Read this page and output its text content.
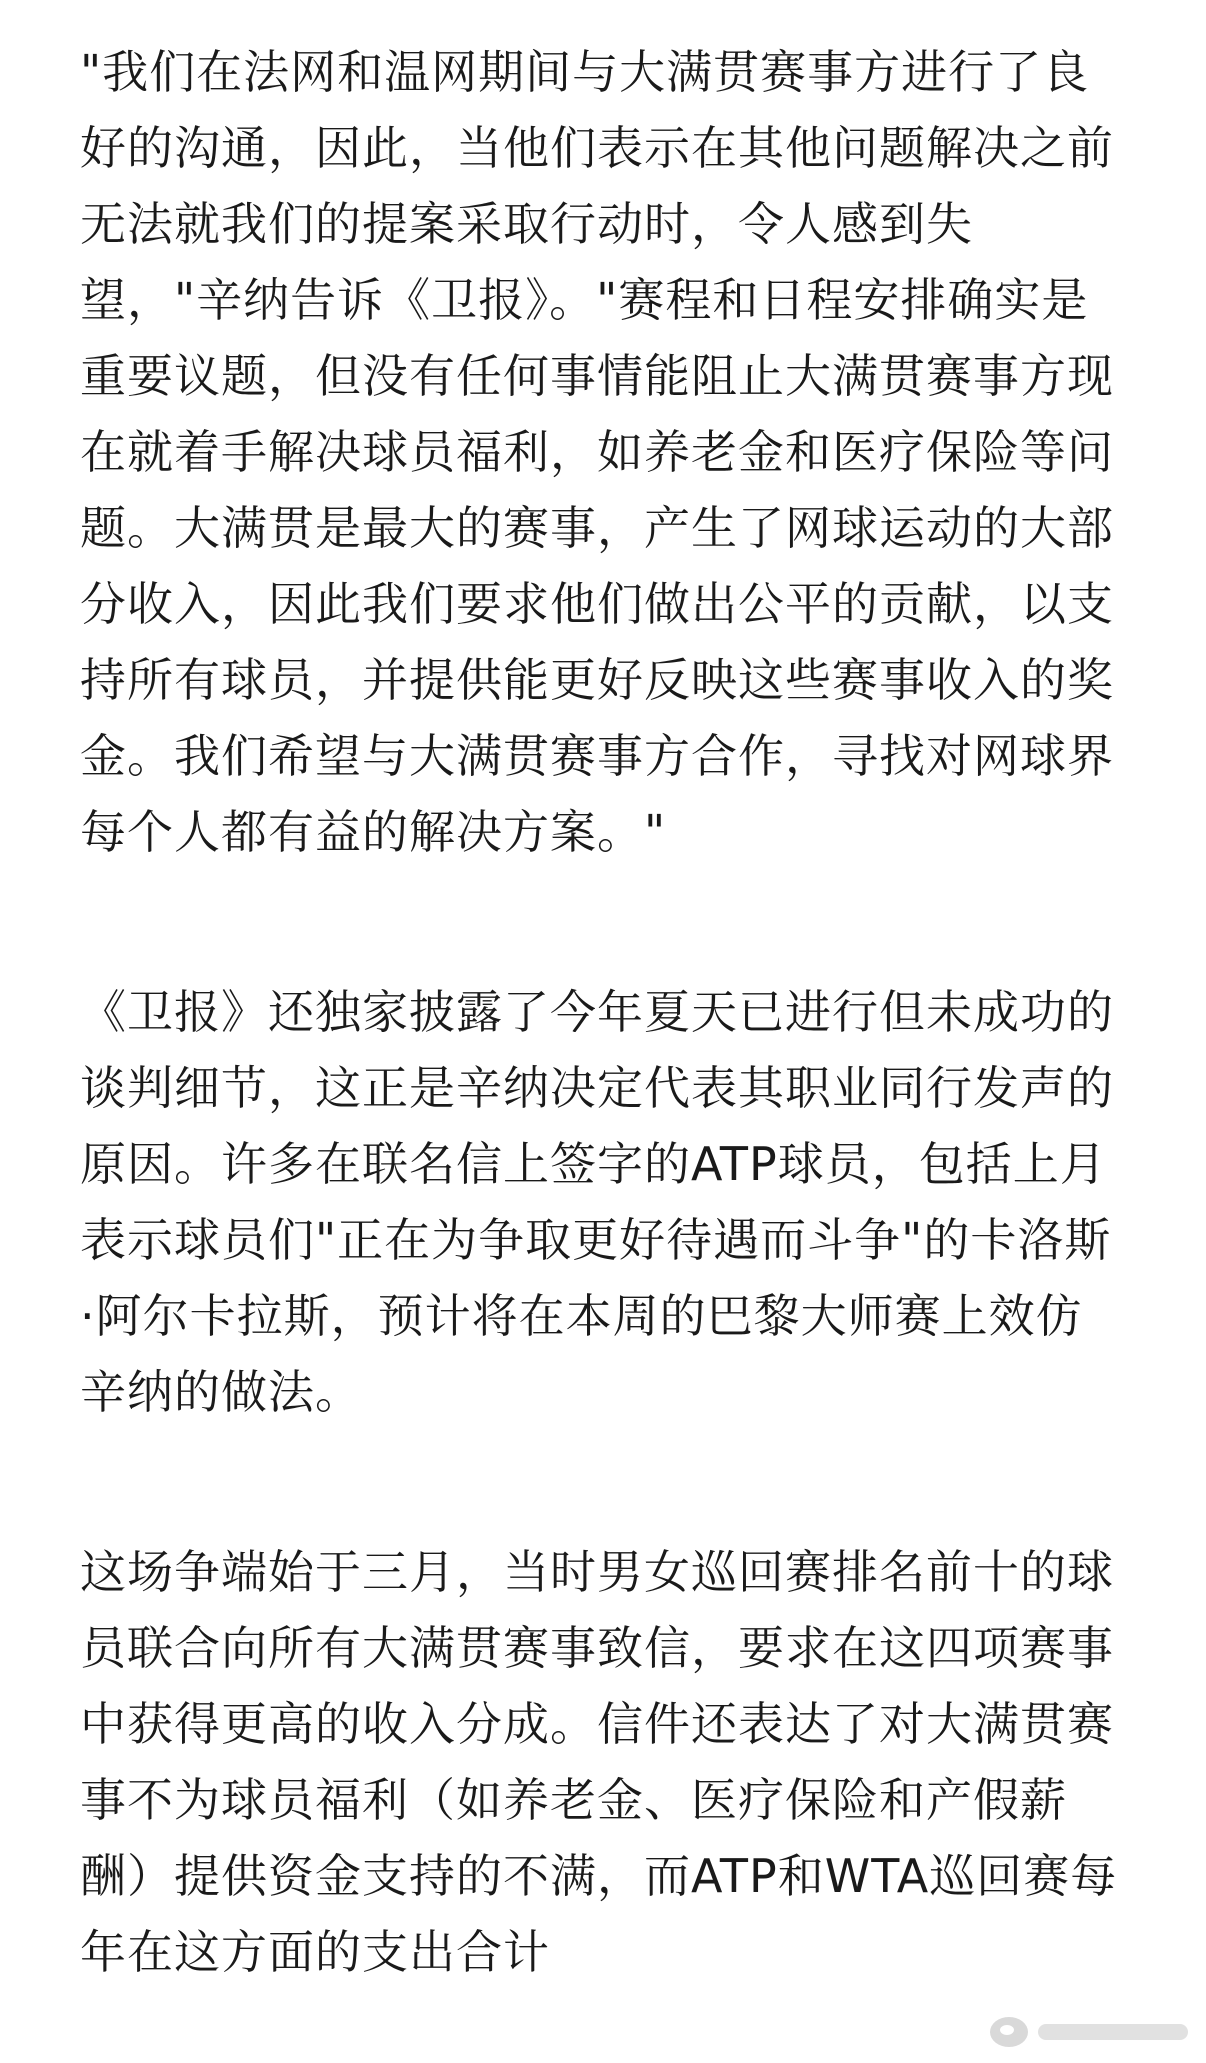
"我们在法网和温网期间与大满贯赛事方进行了良好的沟通，因此，当他们表示在其他问题解决之前无法就我们的提案采取行动时，令人感到失望，"辛纳告诉《卫报》。"赛程和日程安排确实是重要议题，但没有任何事情能阻止大满贯赛事方现在就着手解决球员福利，如养老金和医疗保险等问题。大满贯是最大的赛事，产生了网球运动的大部分收入，因此我们要求他们做出公平的贡献，以支持所有球员，并提供能更好反映这些赛事收入的奖金。我们希望与大满贯赛事方合作，寻找对网球界每个人都有益的解决方案。"

《卫报》还独家披露了今年夏天已进行但未成功的谈判细节，这正是辛纳决定代表其职业同行发声的原因。许多在联名信上签字的ATP球员，包括上月表示球员们"正在为争取更好待遇而斗争"的卡洛斯·阿尔卡拉斯，预计将在本周的巴黎大师赛上效仿辛纳的做法。

这场争端始于三月，当时男女巡回赛排名前十的球员联合向所有大满贯赛事致信，要求在这四项赛事中获得更高的收入分成。信件还表达了对大满贯赛事不为球员福利（如养老金、医疗保险和产假薪酬）提供资金支持的不满，而ATP和WTA巡回赛每年在这方面的支出合计
